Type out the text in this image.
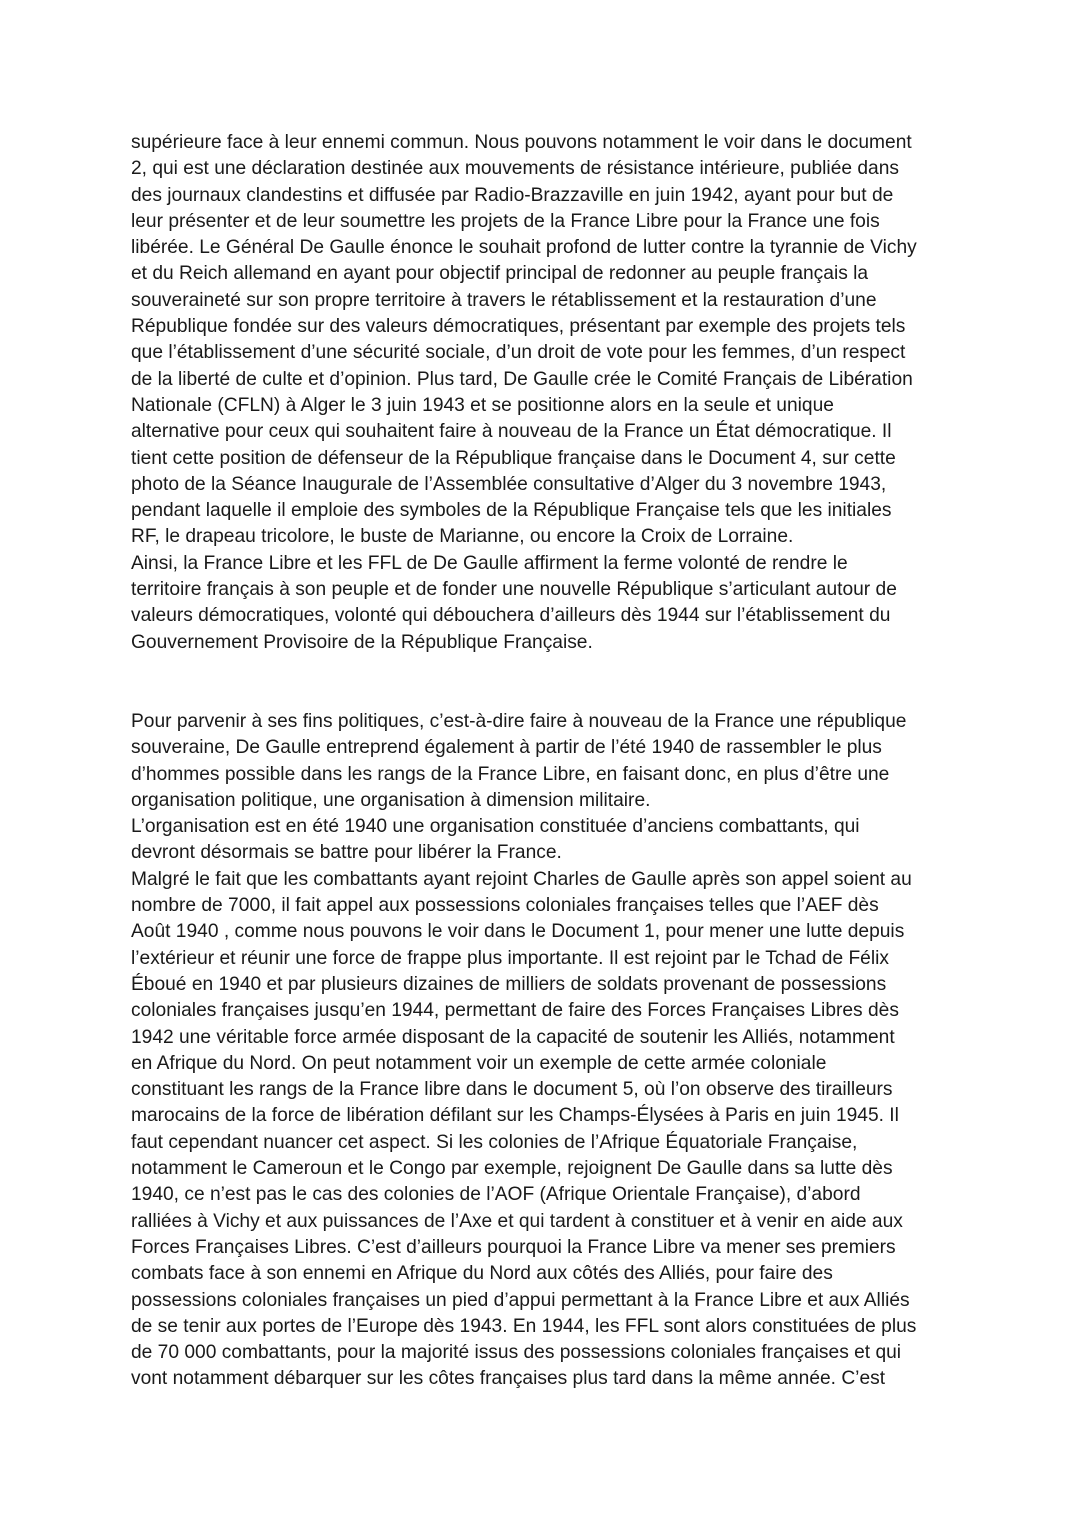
supérieure face à leur ennemi commun. Nous pouvons notamment le voir dans le document
2, qui est une déclaration destinée aux mouvements de résistance intérieure, publiée dans
des journaux clandestins et diffusée par Radio-Brazzaville en juin 1942, ayant pour but de
leur présenter et de leur soumettre les projets de la France Libre pour la France une fois
libérée. Le Général De Gaulle énonce le souhait profond de lutter contre la tyrannie de Vichy
et du Reich allemand en ayant pour objectif principal de redonner au peuple français la
souveraineté sur son propre territoire à travers le rétablissement et la restauration d’une
République fondée sur des valeurs démocratiques, présentant par exemple des projets tels
que l’établissement d’une sécurité sociale, d’un droit de vote pour les femmes, d’un respect
de la liberté de culte et d’opinion. Plus tard, De Gaulle crée le Comité Français de Libération
Nationale (CFLN) à Alger le 3 juin 1943 et se positionne alors en la seule et unique
alternative pour ceux qui souhaitent faire à nouveau de la France un État démocratique. Il
tient cette position de défenseur de la République française dans le Document 4, sur cette
photo de la Séance Inaugurale de l’Assemblée consultative d’Alger du 3 novembre 1943,
pendant laquelle il emploie des symboles de la République Française tels que les initiales
RF, le drapeau tricolore, le buste de Marianne, ou encore la Croix de Lorraine.
Ainsi, la France Libre et les FFL de De Gaulle affirment la ferme volonté de rendre le
territoire français à son peuple et de fonder une nouvelle République s’articulant autour de
valeurs démocratiques, volonté qui débouchera d’ailleurs dès 1944 sur l’établissement du
Gouvernement Provisoire de la République Française.
Pour parvenir à ses fins politiques, c’est-à-dire faire à nouveau de la France une république
souveraine, De Gaulle entreprend également à partir de l’été 1940 de rassembler le plus
d’hommes possible dans les rangs de la France Libre, en faisant donc, en plus d’être une
organisation politique, une organisation à dimension militaire.
L’organisation est en été 1940 une organisation constituée d’anciens combattants, qui
devront désormais se battre pour libérer la France.
Malgré le fait que les combattants ayant rejoint Charles de Gaulle après son appel soient au
nombre de 7000, il fait appel aux possessions coloniales françaises telles que l’AEF dès
Août 1940 , comme nous pouvons le voir dans le Document 1, pour mener une lutte depuis
l’extérieur et réunir une force de frappe plus importante. Il est rejoint par le Tchad de Félix
Éboué en 1940 et par plusieurs dizaines de milliers de soldats provenant de possessions
coloniales françaises jusqu’en 1944, permettant de faire des Forces Françaises Libres dès
1942 une véritable force armée disposant de la capacité de soutenir les Alliés, notamment
en Afrique du Nord. On peut notamment voir un exemple de cette armée coloniale
constituant les rangs de la France libre dans le document 5, où l’on observe des tirailleurs
marocains de la force de libération défilant sur les Champs-Élysées à Paris en juin 1945. Il
faut cependant nuancer cet aspect. Si les colonies de l’Afrique Équatoriale Française,
notamment le Cameroun et le Congo par exemple, rejoignent De Gaulle dans sa lutte dès
1940, ce n’est pas le cas des colonies de l’AOF (Afrique Orientale Française), d’abord
ralliées à Vichy et aux puissances de l’Axe et qui tardent à constituer et à venir en aide aux
Forces Françaises Libres. C’est d’ailleurs pourquoi la France Libre va mener ses premiers
combats face à son ennemi en Afrique du Nord aux côtés des Alliés, pour faire des
possessions coloniales françaises un pied d’appui permettant à la France Libre et aux Alliés
de se tenir aux portes de l’Europe dès 1943. En 1944, les FFL sont alors constituées de plus
de 70 000 combattants, pour la majorité issus des possessions coloniales françaises et qui
vont notamment débarquer sur les côtes françaises plus tard dans la même année. C’est
